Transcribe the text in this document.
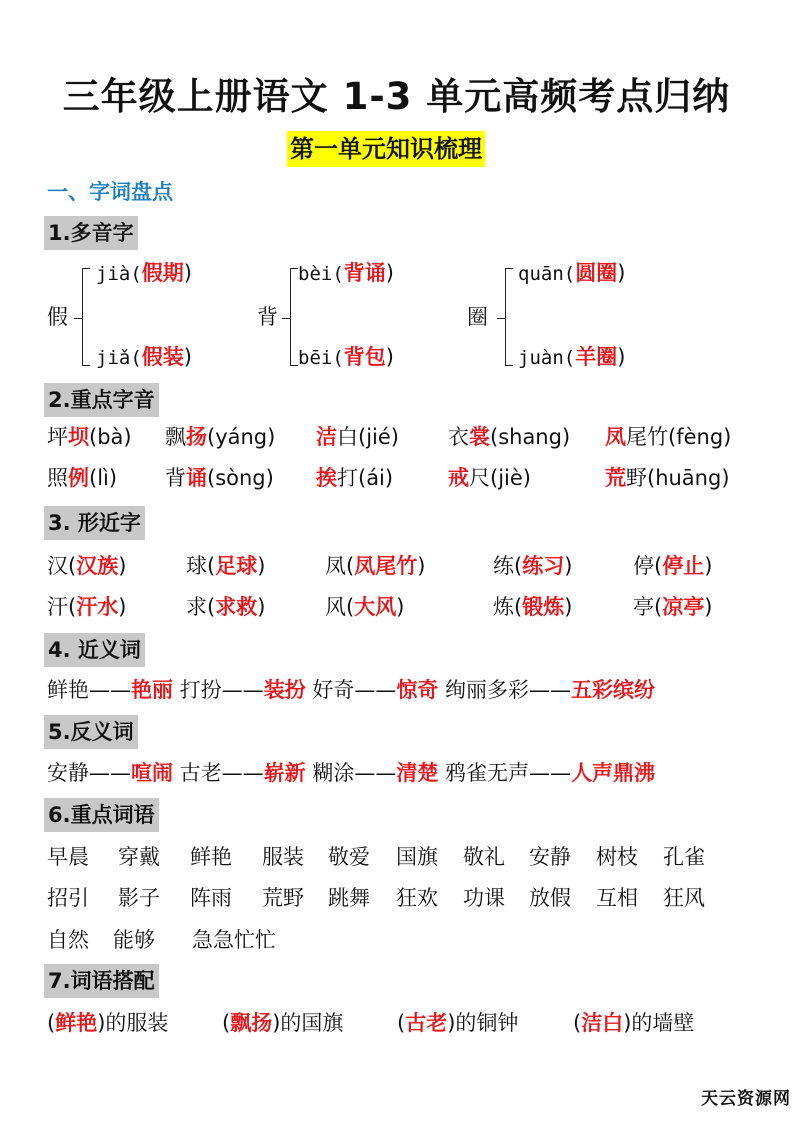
三年级上册语文 1-3 单元高频考点归纳
第一单元知识梳理
一、字词盘点
天云资源网
1.多音字
2.重点字音
3. 形近字
4. 近义词
5.反义词
6.重点词语
7.词语搭配
假
jià(假期)
jiǎ(假装)
背
bèi(背诵)
bēi(背包)
圈
quān(圆圈)
juàn(羊圈)
坪坝(bà) 飘扬(yáng) 洁白(jié) 衣裳(shang) 凤尾竹(fèng)
照例(lì) 背诵(sòng) 挨打(ái)	戒尺(jiè)	荒野(huāng)
汉(汉族)	球(足球)	凤(凤尾竹)	练(练习)	停(停止)
汗(汗水)	求(求救)	风(大风)	炼(锻炼)	亭(凉亭)
鲜艳——艳丽 打扮——装扮 好奇——惊奇 绚丽多彩——五彩缤纷
安静——喧闹 古老——崭新 糊涂——清楚 鸦雀无声——人声鼎沸
(鲜艳)的服装	(飘扬)的国旗	(古老)的铜钟	(洁白)的墙壁
早晨 穿戴 鲜艳 服装 敬爱 国旗 敬礼 安静 树枝 孔雀
招引 影子 阵雨 荒野 跳舞 狂欢 功课 放假 互相 狂风
自然 能够 急急忙忙
